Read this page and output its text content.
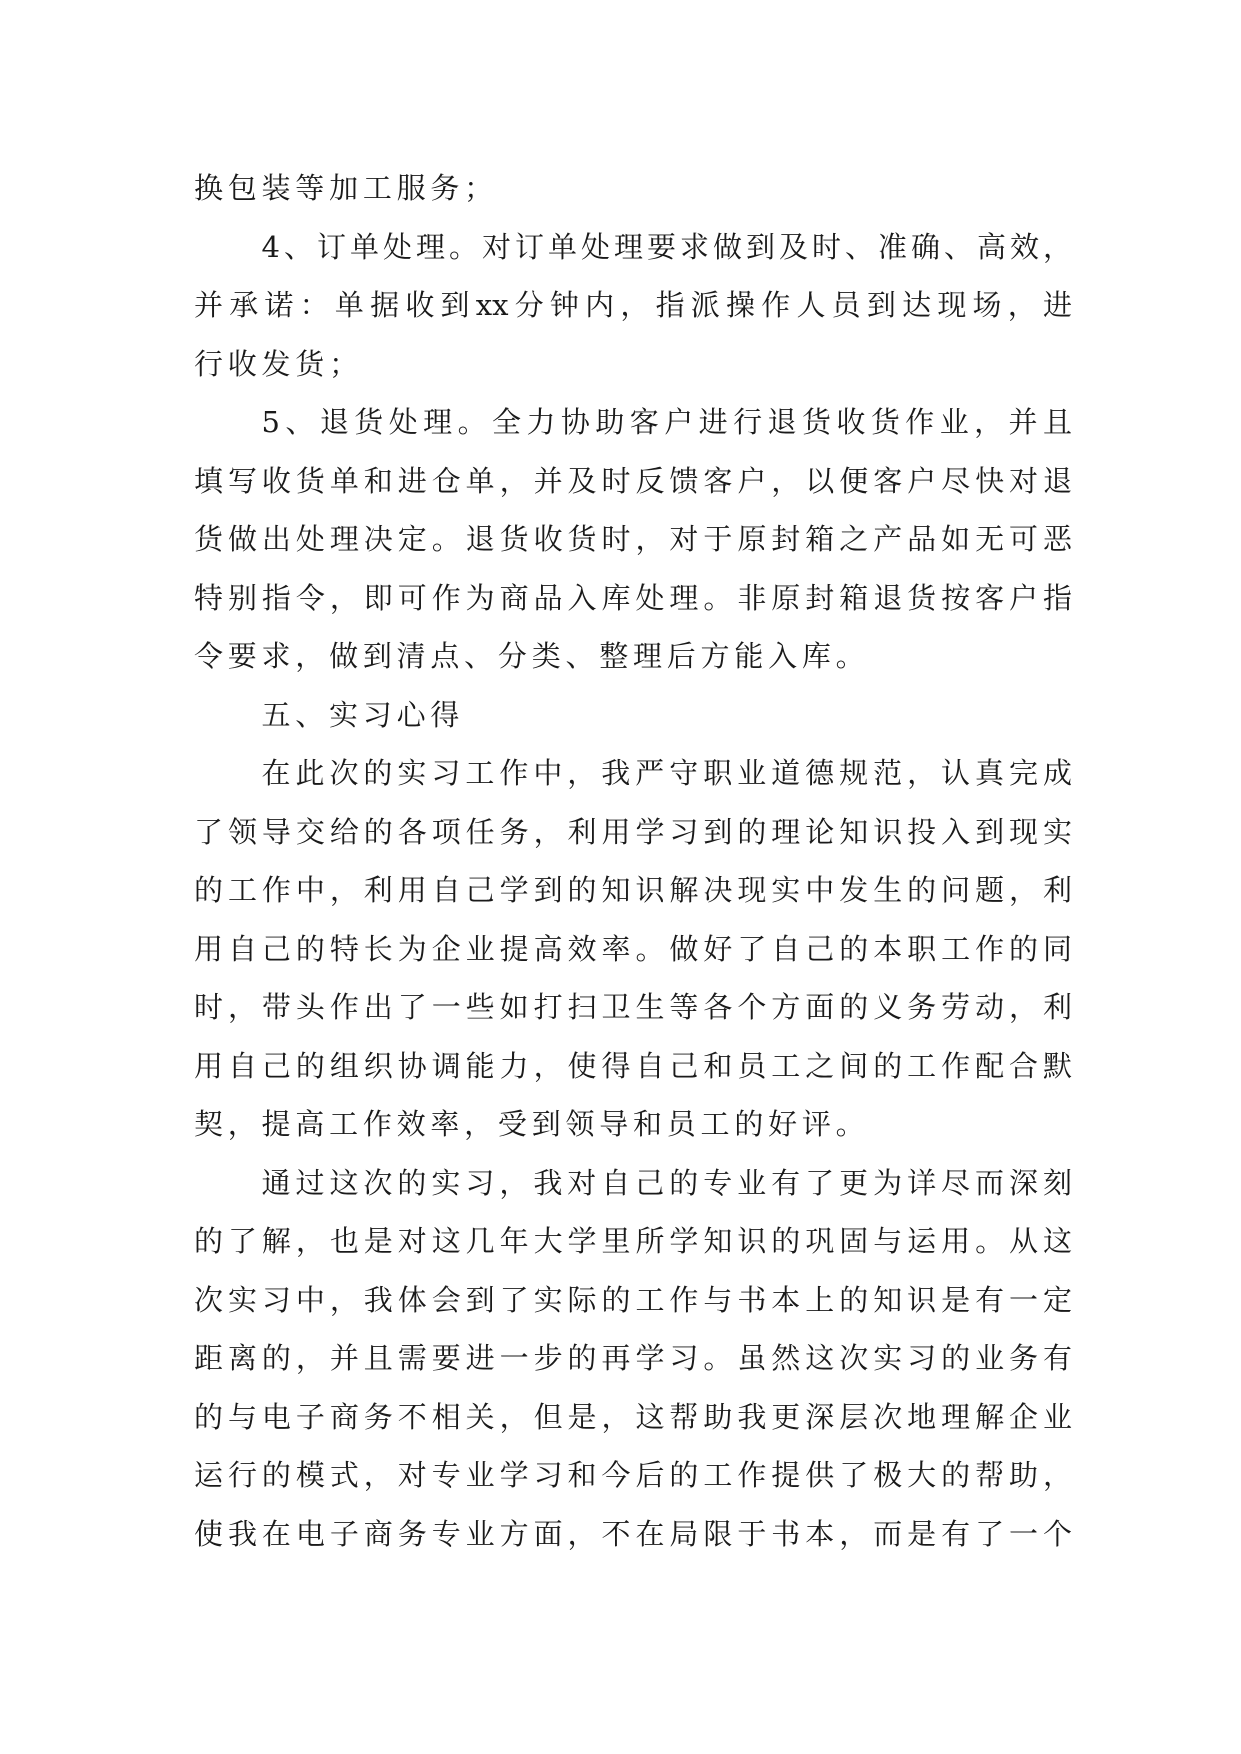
换包装等加工服务；
4、订单处理。对订单处理要求做到及时、准确、高效，
并承诺：单据收到xx分钟内，指派操作人员到达现场，进
行收发货；
5、退货处理。全力协助客户进行退货收货作业，并且
填写收货单和进仓单，并及时反馈客户，以便客户尽快对退
货做出处理决定。退货收货时，对于原封箱之产品如无可恶
特别指令，即可作为商品入库处理。非原封箱退货按客户指
令要求，做到清点、分类、整理后方能入库。
五、实习心得
在此次的实习工作中，我严守职业道德规范，认真完成
了领导交给的各项任务，利用学习到的理论知识投入到现实
的工作中，利用自己学到的知识解决现实中发生的问题，利
用自己的特长为企业提高效率。做好了自己的本职工作的同
时，带头作出了一些如打扫卫生等各个方面的义务劳动，利
用自己的组织协调能力，使得自己和员工之间的工作配合默
契，提高工作效率，受到领导和员工的好评。
通过这次的实习，我对自己的专业有了更为详尽而深刻
的了解，也是对这几年大学里所学知识的巩固与运用。从这
次实习中，我体会到了实际的工作与书本上的知识是有一定
距离的，并且需要进一步的再学习。虽然这次实习的业务有
的与电子商务不相关，但是，这帮助我更深层次地理解企业
运行的模式，对专业学习和今后的工作提供了极大的帮助，
使我在电子商务专业方面，不在局限于书本，而是有了一个
